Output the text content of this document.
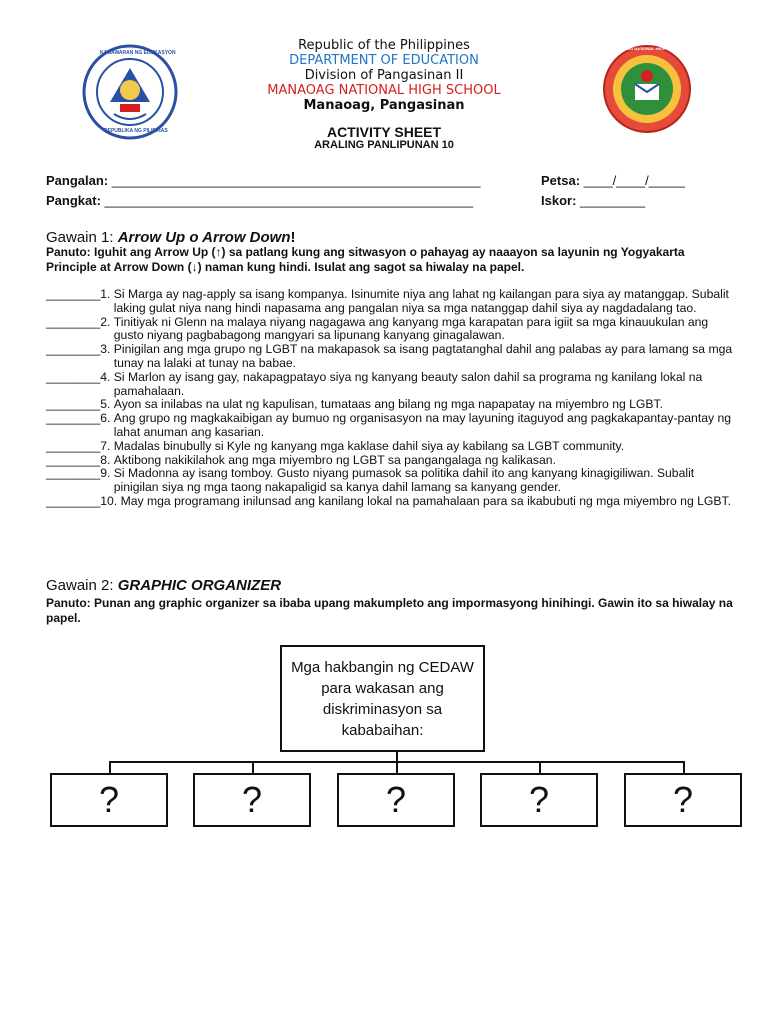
KAGAWARAN NG EDUKASYON
REPUBLIKA NG PILIPINAS
MANAOAG NATIONAL HIGH SCHOOL
Republic of the Philippines
DEPARTMENT OF EDUCATION
Division of Pangasinan II
MANAOAG NATIONAL HIGH SCHOOL
Manaoag, Pangasinan
ACTIVITY SHEET
ARALING PANLIPUNAN 10
Pangalan: ___________________________________________________	Petsa: ____/____/_____
Pangkat: ___________________________________________________	Iskor: _________
Gawain 1: Arrow Up o Arrow Down!
Panuto: Iguhit ang Arrow Up (↑) sa patlang kung ang sitwasyon o pahayag ay naaayon sa layunin ng Yogyakarta Principle at Arrow Down (↓) naman kung hindi. Isulat ang sagot sa hiwalay na papel.
________1. Si Marga ay nag-apply sa isang kompanya. Isinumite niya ang lahat ng kailangan para siya ay matanggap. Subalit laking gulat niya nang hindi napasama ang pangalan niya sa mga natanggap dahil siya ay nagdadalang tao.
________2. Tinitiyak ni Glenn na malaya niyang nagagawa ang kanyang mga karapatan para igiit sa mga kinauukulan ang gusto niyang pagbabagong mangyari sa lipunang kanyang ginagalawan.
________3. Pinigilan ang mga grupo ng LGBT na makapasok sa isang pagtatanghal dahil ang palabas ay para lamang sa mga tunay na lalaki at tunay na babae.
________4. Si Marlon ay isang gay, nakapagpatayo siya ng kanyang beauty salon dahil sa programa ng kanilang lokal na pamahalaan.
________5. Ayon sa inilabas na ulat ng kapulisan, tumataas ang bilang ng mga napapatay na miyembro ng LGBT.
________6. Ang grupo ng magkakaibigan ay bumuo ng organisasyon na may layuning itaguyod ang pagkakapantay-pantay ng lahat anuman ang kasarian.
________7. Madalas binubully si Kyle ng kanyang mga kaklase dahil siya ay kabilang sa LGBT community.
________8. Aktibong nakikilahok ang mga miyembro ng LGBT sa pangangalaga ng kalikasan.
________9. Si Madonna ay isang tomboy. Gusto niyang pumasok sa politika dahil ito ang kanyang kinagigiliwan. Subalit pinigilan siya ng mga taong nakapaligid sa kanya dahil lamang sa kanyang gender.
________10. May mga programang inilunsad ang kanilang lokal na pamahalaan para sa ikabubuti ng mga miyembro ng LGBT.
Gawain 2: GRAPHIC ORGANIZER
Panuto: Punan ang graphic organizer sa ibaba upang makumpleto ang impormasyong hinihingi. Gawin ito sa hiwalay na papel.
Mga hakbangin ng CEDAW para wakasan ang diskriminasyon sa kababaihan:
?	?	?	?	?
